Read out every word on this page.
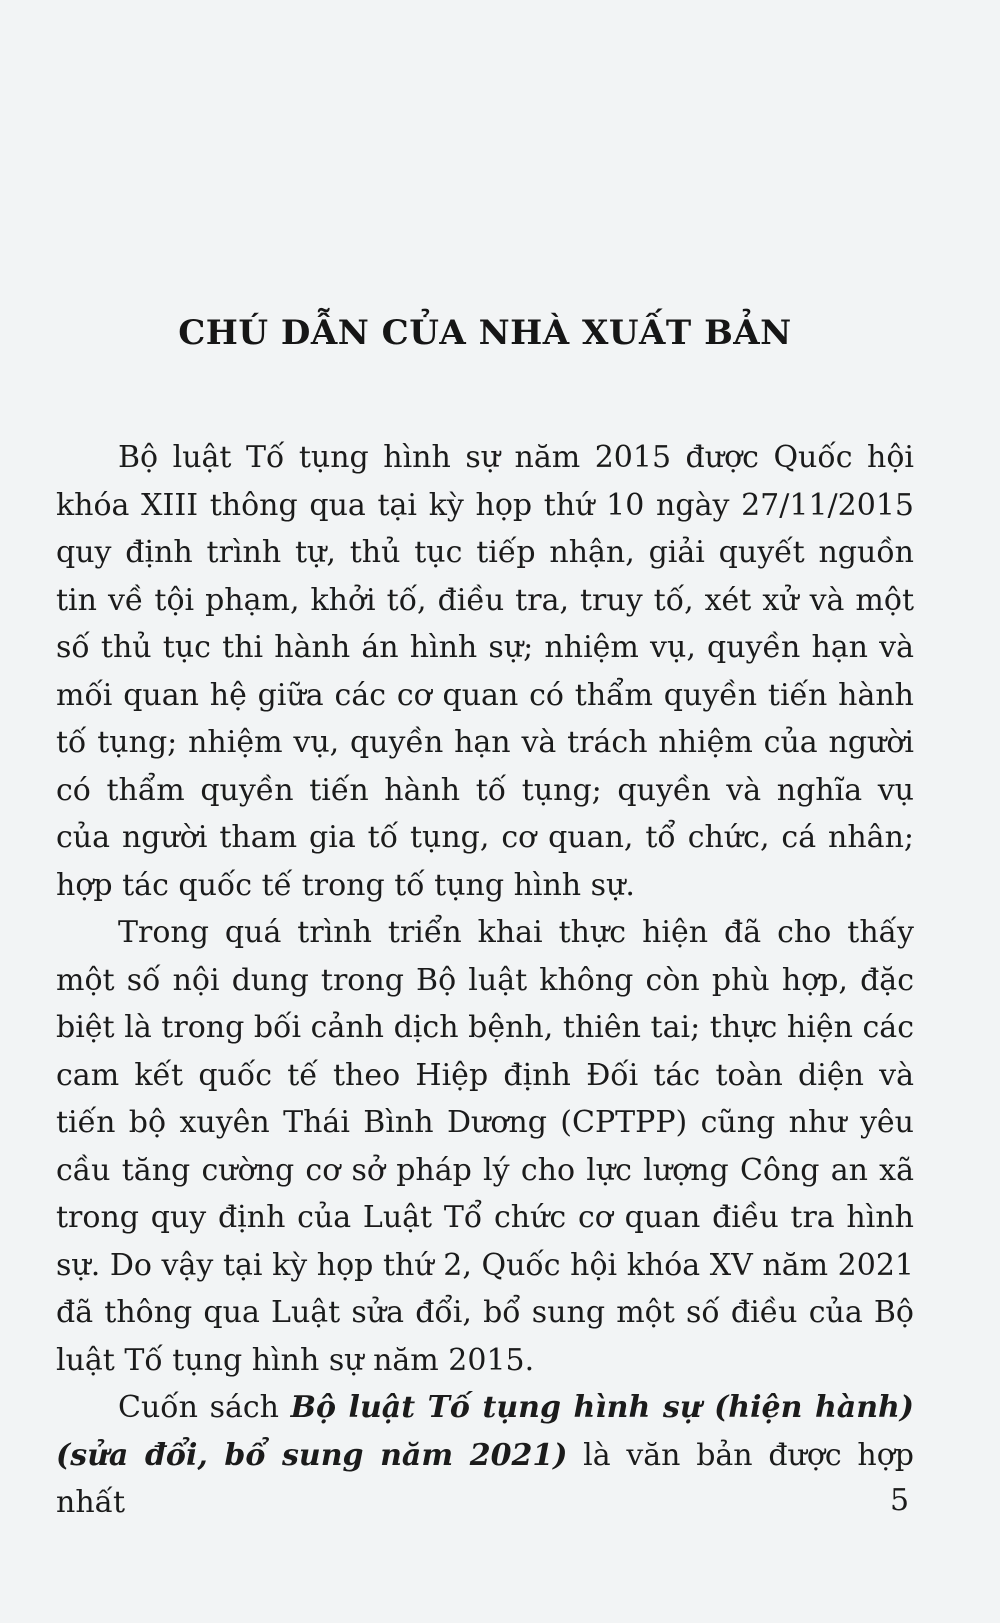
CHÚ DẪN CỦA NHÀ XUẤT BẢN

Bộ luật Tố tụng hình sự năm 2015 được Quốc hội khóa XIII thông qua tại kỳ họp thứ 10 ngày 27/11/2015 quy định trình tự, thủ tục tiếp nhận, giải quyết nguồn tin về tội phạm, khởi tố, điều tra, truy tố, xét xử và một số thủ tục thi hành án hình sự; nhiệm vụ, quyền hạn và mối quan hệ giữa các cơ quan có thẩm quyền tiến hành tố tụng; nhiệm vụ, quyền hạn và trách nhiệm của người có thẩm quyền tiến hành tố tụng; quyền và nghĩa vụ của người tham gia tố tụng, cơ quan, tổ chức, cá nhân; hợp tác quốc tế trong tố tụng hình sự.

Trong quá trình triển khai thực hiện đã cho thấy một số nội dung trong Bộ luật không còn phù hợp, đặc biệt là trong bối cảnh dịch bệnh, thiên tai; thực hiện các cam kết quốc tế theo Hiệp định Đối tác toàn diện và tiến bộ xuyên Thái Bình Dương (CPTPP) cũng như yêu cầu tăng cường cơ sở pháp lý cho lực lượng Công an xã trong quy định của Luật Tổ chức cơ quan điều tra hình sự. Do vậy tại kỳ họp thứ 2, Quốc hội khóa XV năm 2021 đã thông qua Luật sửa đổi, bổ sung một số điều của Bộ luật Tố tụng hình sự năm 2015.

Cuốn sách Bộ luật Tố tụng hình sự (hiện hành) (sửa đổi, bổ sung năm 2021) là văn bản được hợp nhất	5
